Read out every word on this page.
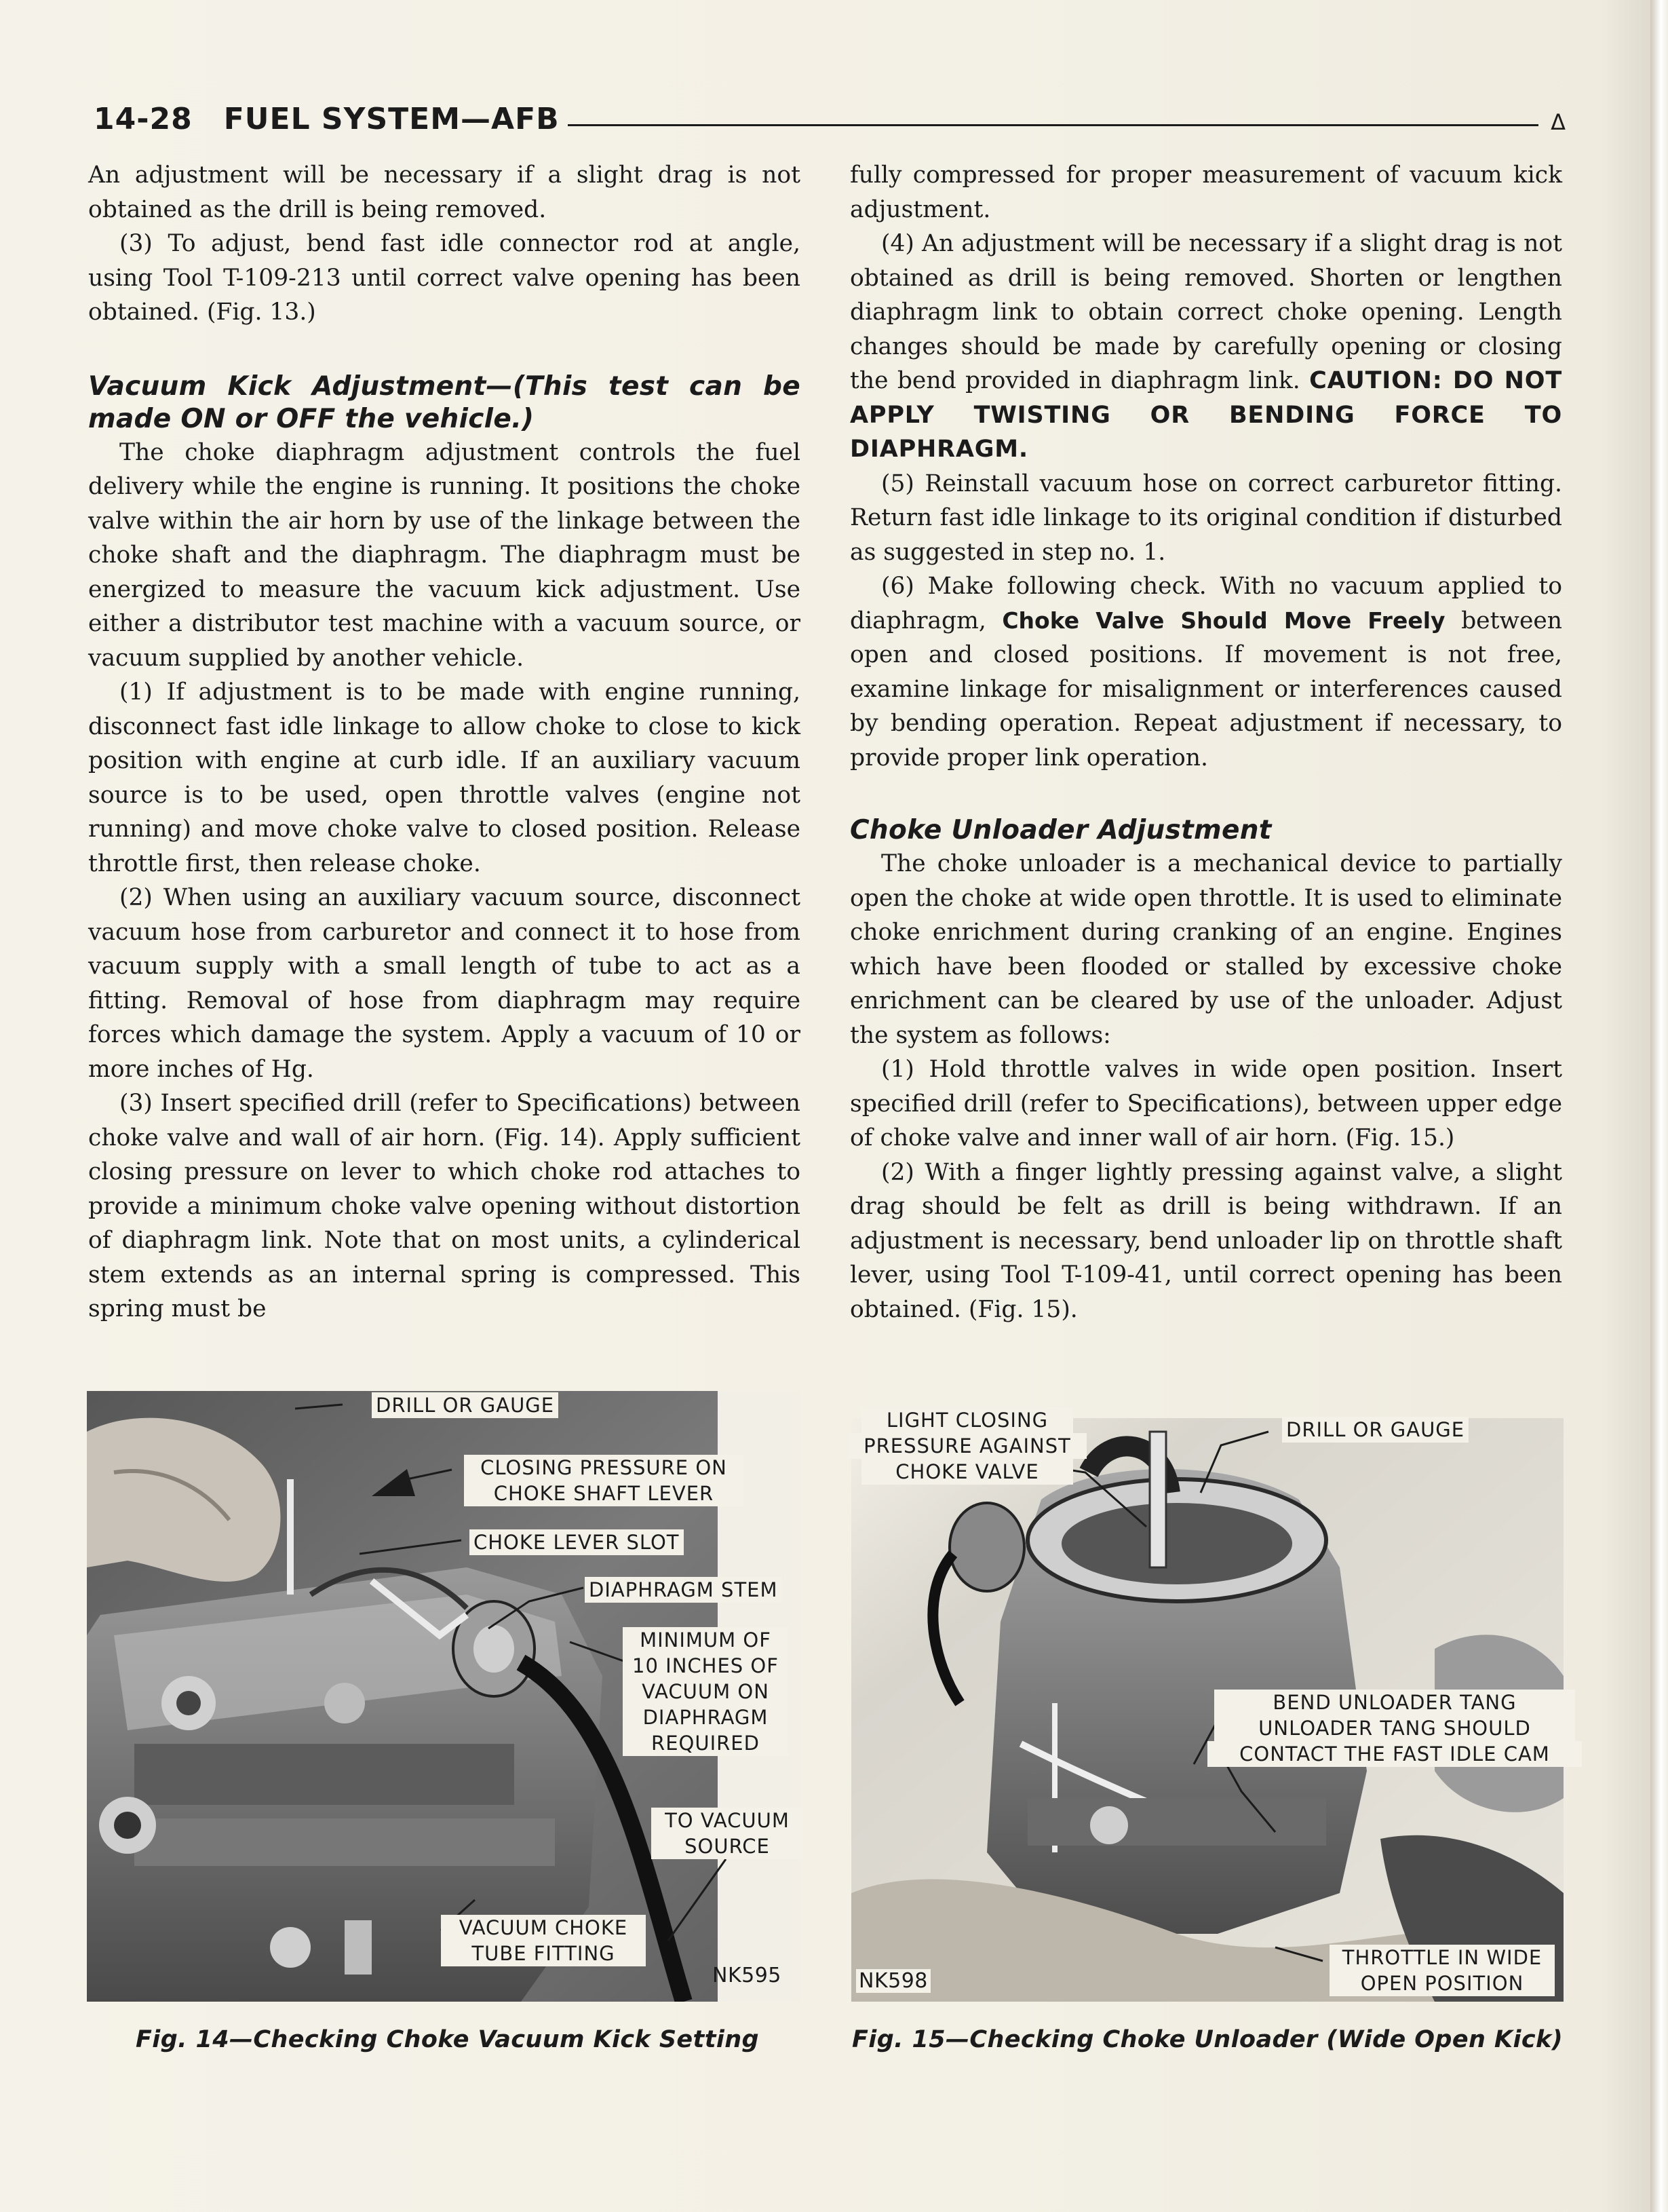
14-28 FUEL SYSTEM—AFB	Δ

An adjustment will be necessary if a slight drag is not obtained as the drill is being removed.

(3) To adjust, bend fast idle connector rod at angle, using Tool T-109-213 until correct valve opening has been obtained. (Fig. 13.)

Vacuum Kick Adjustment—(This test can be made ON or OFF the vehicle.)

The choke diaphragm adjustment controls the fuel delivery while the engine is running. It positions the choke valve within the air horn by use of the linkage between the choke shaft and the diaphragm. The diaphragm must be energized to measure the vacuum kick adjustment. Use either a distributor test machine with a vacuum source, or vacuum supplied by another vehicle.

(1) If adjustment is to be made with engine running, disconnect fast idle linkage to allow choke to close to kick position with engine at curb idle. If an auxiliary vacuum source is to be used, open throttle valves (engine not running) and move choke valve to closed position. Release throttle first, then release choke.

(2) When using an auxiliary vacuum source, disconnect vacuum hose from carburetor and connect it to hose from vacuum supply with a small length of tube to act as a fitting. Removal of hose from diaphragm may require forces which damage the system. Apply a vacuum of 10 or more inches of Hg.

(3) Insert specified drill (refer to Specifications) between choke valve and wall of air horn. (Fig. 14). Apply sufficient closing pressure on lever to which choke rod attaches to provide a minimum choke valve opening without distortion of diaphragm link. Note that on most units, a cylinderical stem extends as an internal spring is compressed. This spring must be

fully compressed for proper measurement of vacuum kick adjustment.

(4) An adjustment will be necessary if a slight drag is not obtained as drill is being removed. Shorten or lengthen diaphragm link to obtain correct choke opening. Length changes should be made by carefully opening or closing the bend provided in diaphragm link. CAUTION: DO NOT APPLY TWISTING OR BENDING FORCE TO DIAPHRAGM.

(5) Reinstall vacuum hose on correct carburetor fitting. Return fast idle linkage to its original condition if disturbed as suggested in step no. 1.

(6) Make following check. With no vacuum applied to diaphragm, Choke Valve Should Move Freely between open and closed positions. If movement is not free, examine linkage for misalignment or interferences caused by bending operation. Repeat adjustment if necessary, to provide proper link operation.

Choke Unloader Adjustment

The choke unloader is a mechanical device to partially open the choke at wide open throttle. It is used to eliminate choke enrichment during cranking of an engine. Engines which have been flooded or stalled by excessive choke enrichment can be cleared by use of the unloader. Adjust the system as follows:

(1) Hold throttle valves in wide open position. Insert specified drill (refer to Specifications), between upper edge of choke valve and inner wall of air horn. (Fig. 15.)

(2) With a finger lightly pressing against valve, a slight drag should be felt as drill is being withdrawn. If an adjustment is necessary, bend unloader lip on throttle shaft lever, using Tool T-109-41, until correct opening has been obtained. (Fig. 15).

DRILL OR GAUGE
CLOSING PRESSURE ON
CHOKE SHAFT LEVER
CHOKE LEVER SLOT
DIAPHRAGM STEM
MINIMUM OF
10 INCHES OF
VACUUM ON
DIAPHRAGM
REQUIRED
TO VACUUM
SOURCE
VACUUM CHOKE
TUBE FITTING
NK595
Fig. 14—Checking Choke Vacuum Kick Setting
LIGHT CLOSING
PRESSURE AGAINST
CHOKE VALVE
DRILL OR GAUGE
BEND UNLOADER TANG
UNLOADER TANG SHOULD
CONTACT THE FAST IDLE CAM
THROTTLE IN WIDE
OPEN POSITION
NK598
Fig. 15—Checking Choke Unloader (Wide Open Kick)
